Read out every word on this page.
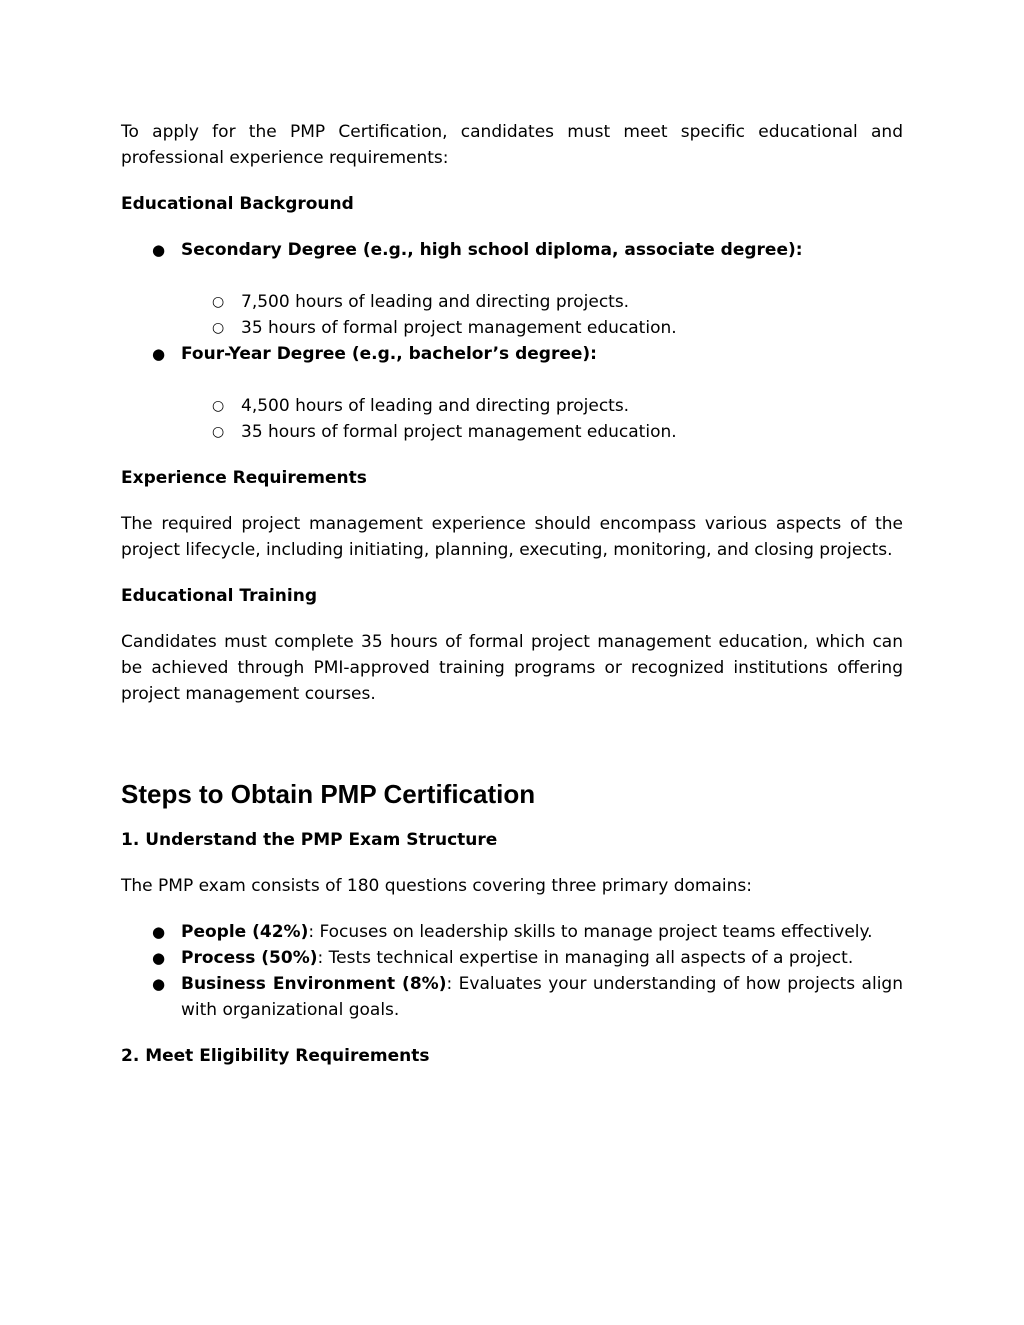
To apply for the PMP Certification, candidates must meet specific educational and professional experience requirements:

Educational Background
● Secondary Degree (e.g., high school diploma, associate degree):
○ 7,500 hours of leading and directing projects.
○ 35 hours of formal project management education.
● Four-Year Degree (e.g., bachelor’s degree):
○ 4,500 hours of leading and directing projects.
○ 35 hours of formal project management education.
Experience Requirements

The required project management experience should encompass various aspects of the project lifecycle, including initiating, planning, executing, monitoring, and closing projects.

Educational Training

Candidates must complete 35 hours of formal project management education, which can be achieved through PMI-approved training programs or recognized institutions offering project management courses.

Steps to Obtain PMP Certification
1. Understand the PMP Exam Structure

The PMP exam consists of 180 questions covering three primary domains:

● People (42%): Focuses on leadership skills to manage project teams effectively.
● Process (50%): Tests technical expertise in managing all aspects of a project.
● Business Environment (8%): Evaluates your understanding of how projects align with organizational goals.
2. Meet Eligibility Requirements
